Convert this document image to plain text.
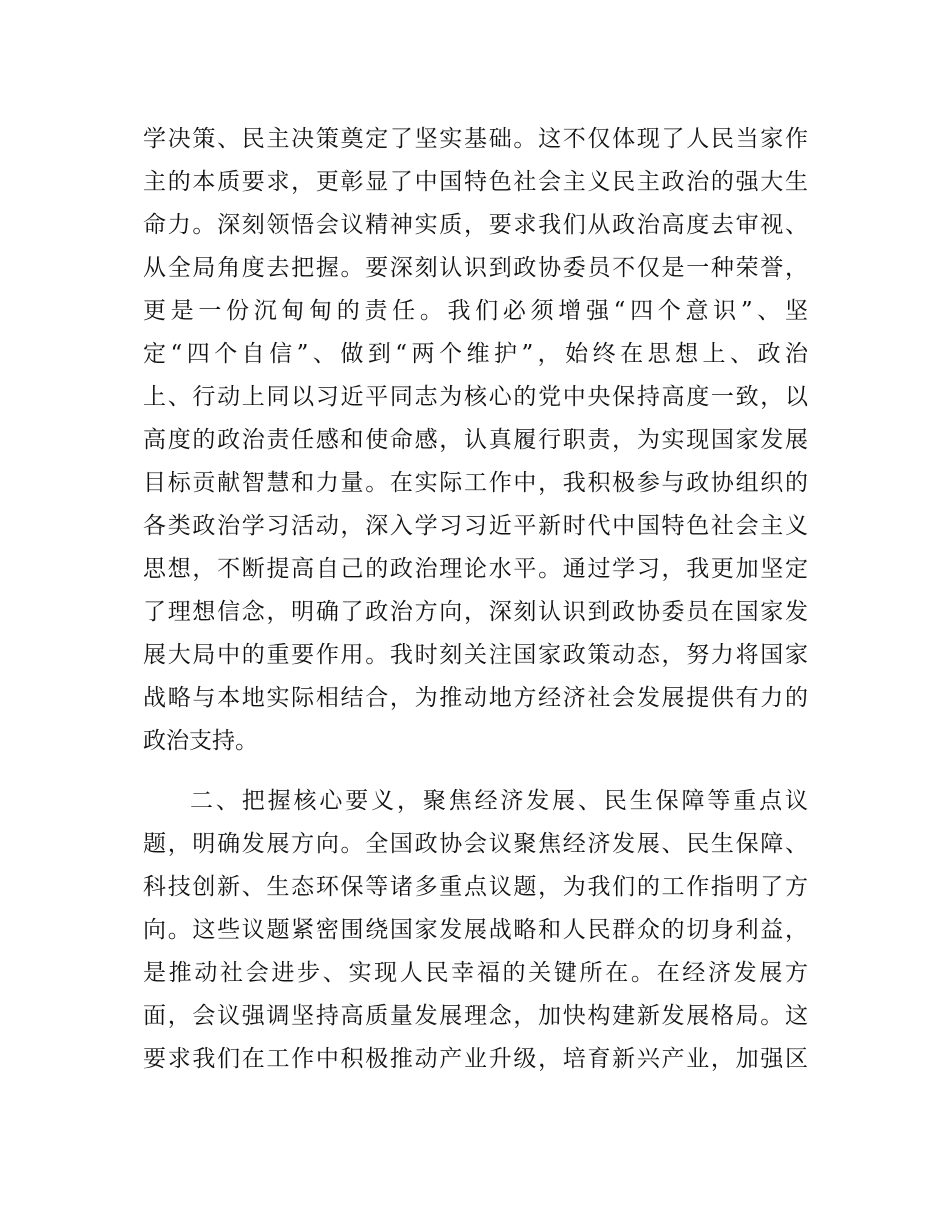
学决策、民主决策奠定了坚实基础。这不仅体现了人民当家作
主的本质要求，更彰显了中国特色社会主义民主政治的强大生
命力。深刻领悟会议精神实质，要求我们从政治高度去审视、
从全局角度去把握。要深刻认识到政协委员不仅是一种荣誉，
更是一份沉甸甸的责任。我们必须增强“四个意识”、坚
定“四个自信”、做到“两个维护”，始终在思想上、政治
上、行动上同以习近平同志为核心的党中央保持高度一致，以
高度的政治责任感和使命感，认真履行职责，为实现国家发展
目标贡献智慧和力量。在实际工作中，我积极参与政协组织的
各类政治学习活动，深入学习习近平新时代中国特色社会主义
思想，不断提高自己的政治理论水平。通过学习，我更加坚定
了理想信念，明确了政治方向，深刻认识到政协委员在国家发
展大局中的重要作用。我时刻关注国家政策动态，努力将国家
战略与本地实际相结合，为推动地方经济社会发展提供有力的
政治支持。
二、把握核心要义，聚焦经济发展、民生保障等重点议
题，明确发展方向。全国政协会议聚焦经济发展、民生保障、
科技创新、生态环保等诸多重点议题，为我们的工作指明了方
向。这些议题紧密围绕国家发展战略和人民群众的切身利益，
是推动社会进步、实现人民幸福的关键所在。在经济发展方
面，会议强调坚持高质量发展理念，加快构建新发展格局。这
要求我们在工作中积极推动产业升级，培育新兴产业，加强区
